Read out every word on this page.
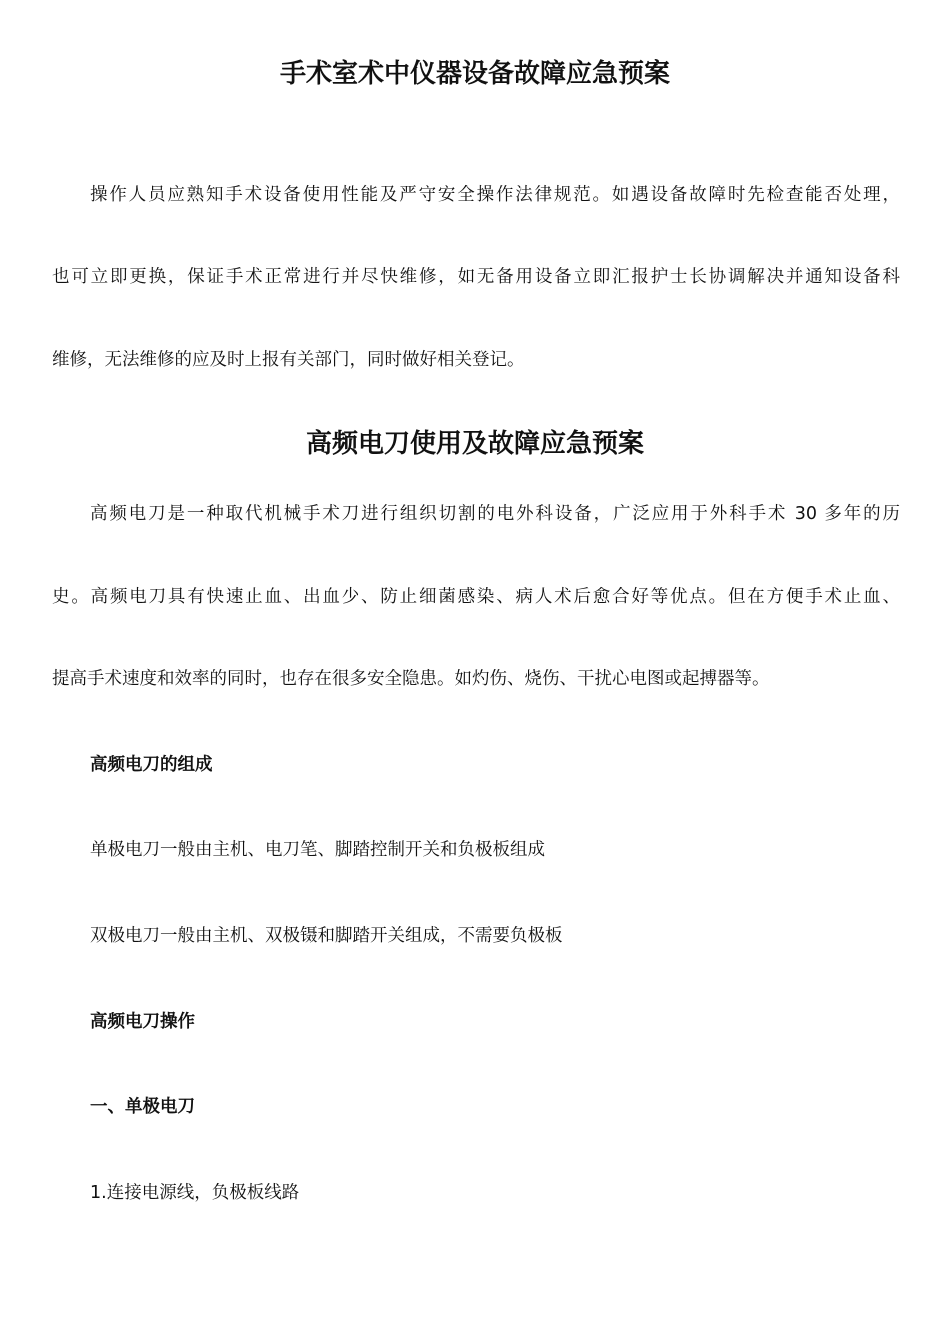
手术室术中仪器设备故障应急预案

操作人员应熟知手术设备使用性能及严守安全操作法律规范。如遇设备故障时先检查能否处理，

也可立即更换，保证手术正常进行并尽快维修，如无备用设备立即汇报护士长协调解决并通知设备科

维修，无法维修的应及时上报有关部门，同时做好相关登记。

高频电刀使用及故障应急预案

高频电刀是一种取代机械手术刀进行组织切割的电外科设备，广泛应用于外科手术 30 多年的历

史。高频电刀具有快速止血、出血少、防止细菌感染、病人术后愈合好等优点。但在方便手术止血、

提高手术速度和效率的同时，也存在很多安全隐患。如灼伤、烧伤、干扰心电图或起搏器等。

高频电刀的组成

单极电刀一般由主机、电刀笔、脚踏控制开关和负极板组成

双极电刀一般由主机、双极镊和脚踏开关组成，不需要负极板

高频电刀操作

一、单极电刀

1.连接电源线，负极板线路
